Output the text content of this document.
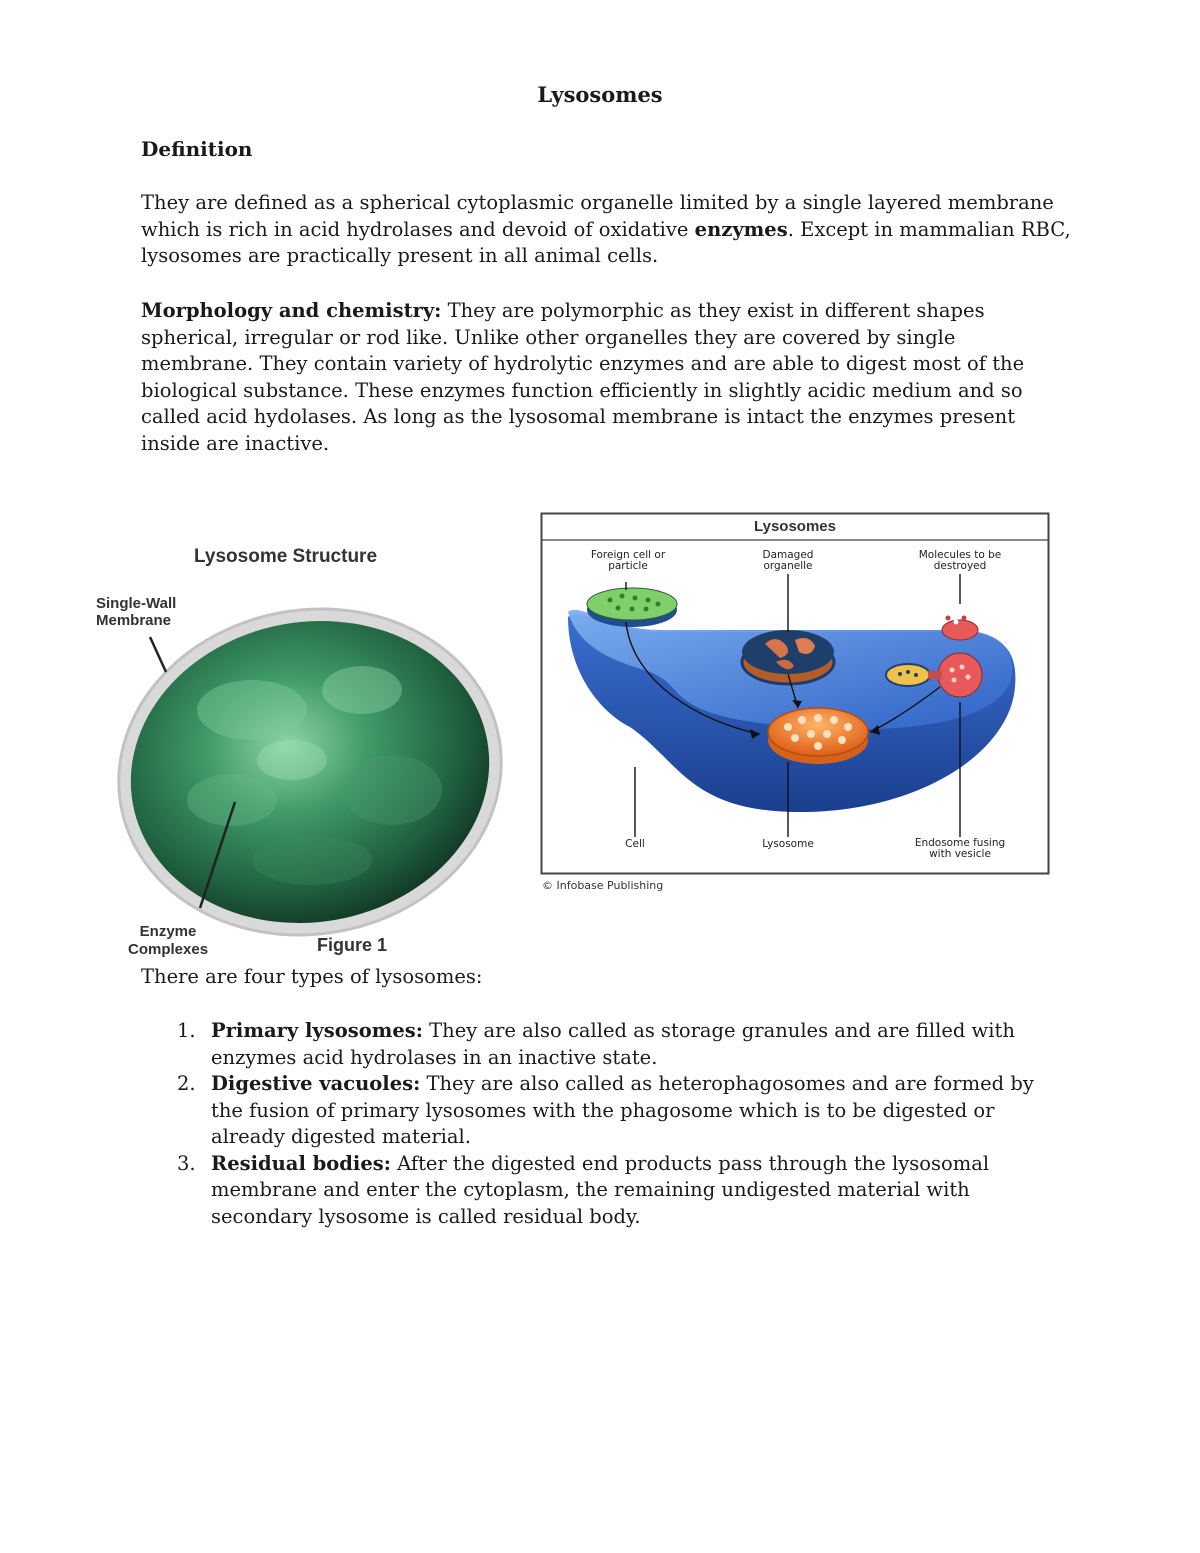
Lysosomes
Definition
They are defined as a spherical cytoplasmic organelle limited by a single layered membrane which is rich in acid hydrolases and devoid of oxidative enzymes. Except in mammalian RBC, lysosomes are practically present in all animal cells.
Morphology and chemistry: They are polymorphic as they exist in different shapes spherical, irregular or rod like. Unlike other organelles they are covered by single membrane. They contain variety of hydrolytic enzymes and are able to digest most of the biological substance. These enzymes function efficiently in slightly acidic medium and so called acid hydolases. As long as the lysosomal membrane is intact the enzymes present inside are inactive.
Lysosome Structure
Single-Wall
Membrane
Enzyme
Complexes	Figure 1
Lysosomes
Foreign cell or
particle
Damaged
organelle
Molecules to be
destroyed
Cell	Lysosome	Endosome fusing
with vesicle
© Infobase Publishing
There are four types of lysosomes:
1. Primary lysosomes: They are also called as storage granules and are filled with enzymes acid hydrolases in an inactive state.
2. Digestive vacuoles: They are also called as heterophagosomes and are formed by the fusion of primary lysosomes with the phagosome which is to be digested or already digested material.
3. Residual bodies: After the digested end products pass through the lysosomal membrane and enter the cytoplasm, the remaining undigested material with secondary lysosome is called residual body.
